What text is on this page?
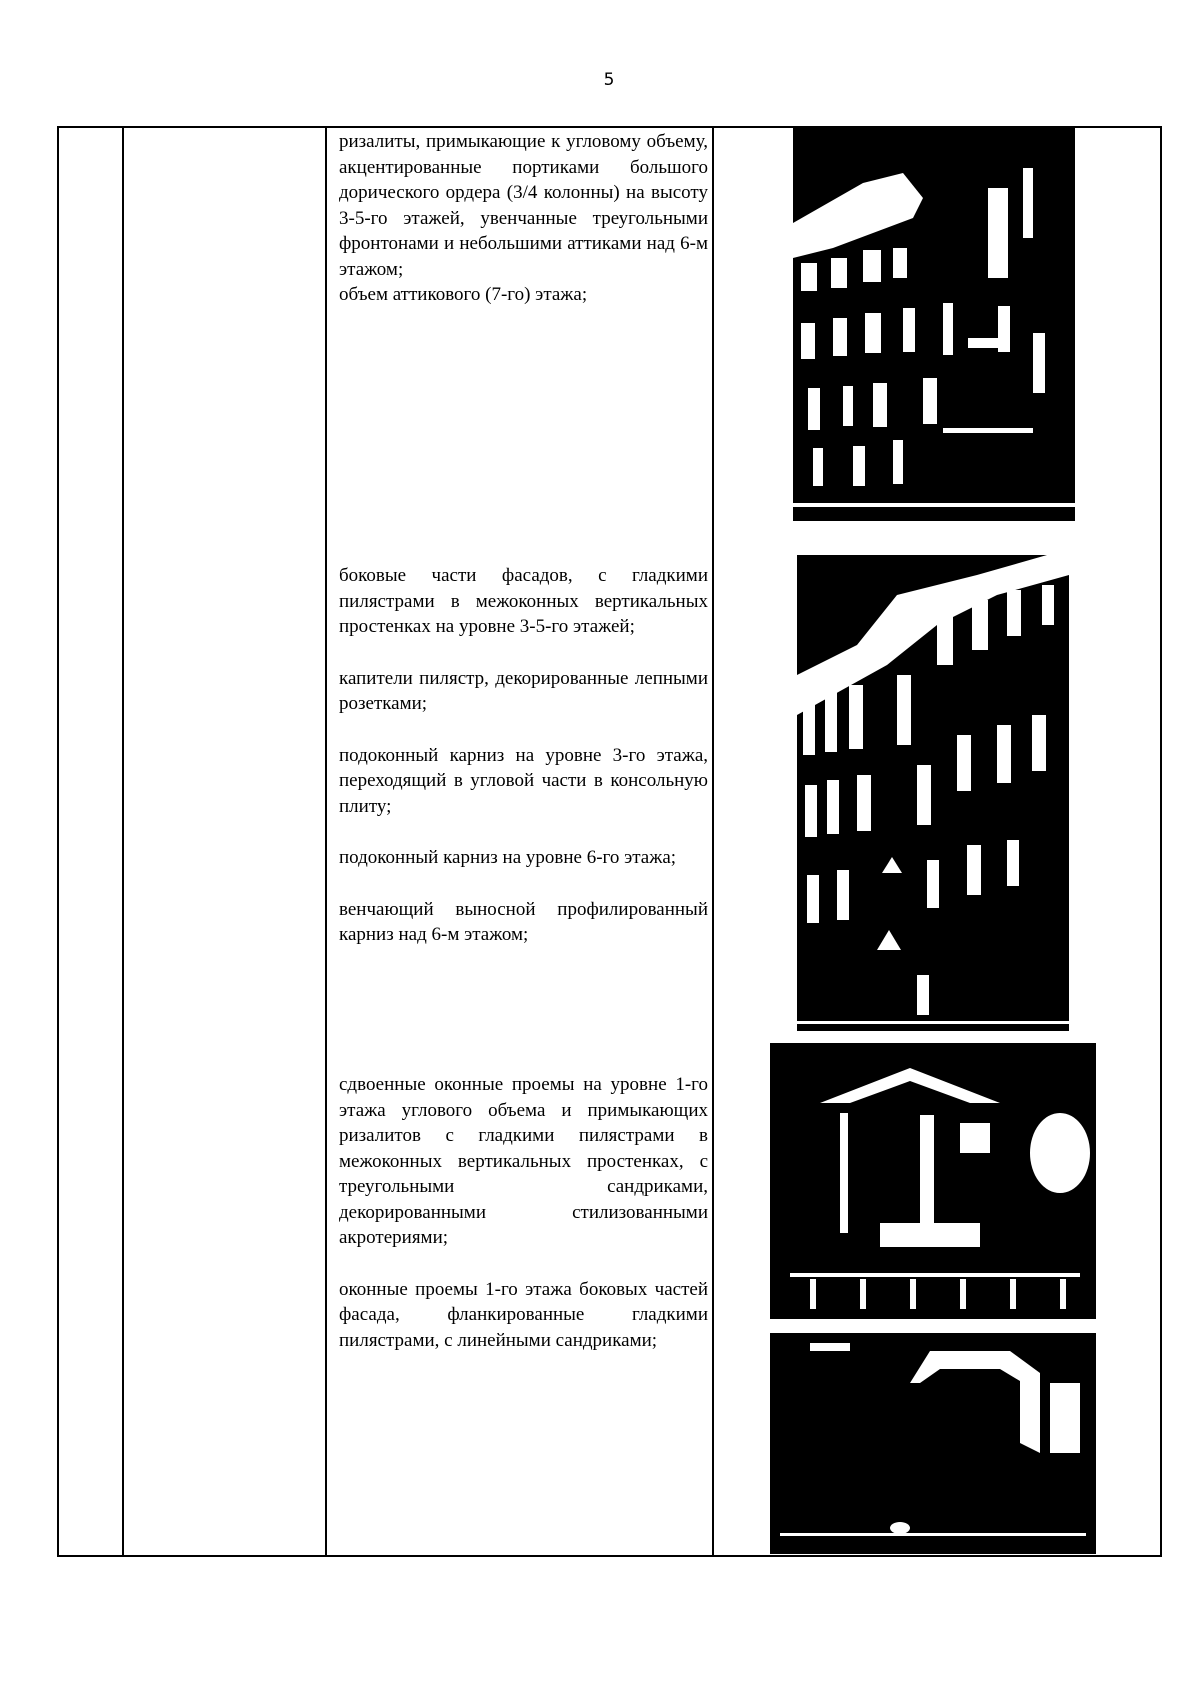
5

ризалиты, примыкающие к угловому объему, акцентированные портиками большого дорического ордера (3/4 колонны) на высоту 3-5-го этажей, увенчанные треугольными фронтонами и небольшими аттиками над 6-м этажом;

объем аттикового (7-го) этажа;

боковые части фасадов, с гладкими пилястрами в межоконных вертикальных простенках на уровне 3-5-го этажей;

капители пилястр, декорированные лепными розетками;

подоконный карниз на уровне 3-го этажа, переходящий в угловой части в консольную плиту;

подоконный карниз на уровне 6-го этажа;

венчающий выносной профилированный карниз над 6-м этажом;

сдвоенные оконные проемы на уровне 1-го этажа углового объема и примыкающих ризалитов с гладкими пилястрами в межоконных вертикальных простенках, с треугольными сандриками, декорированными стилизованными акротериями;

оконные проемы 1-го этажа боковых частей фасада, фланкированные гладкими пилястрами, с линейными сандриками;
